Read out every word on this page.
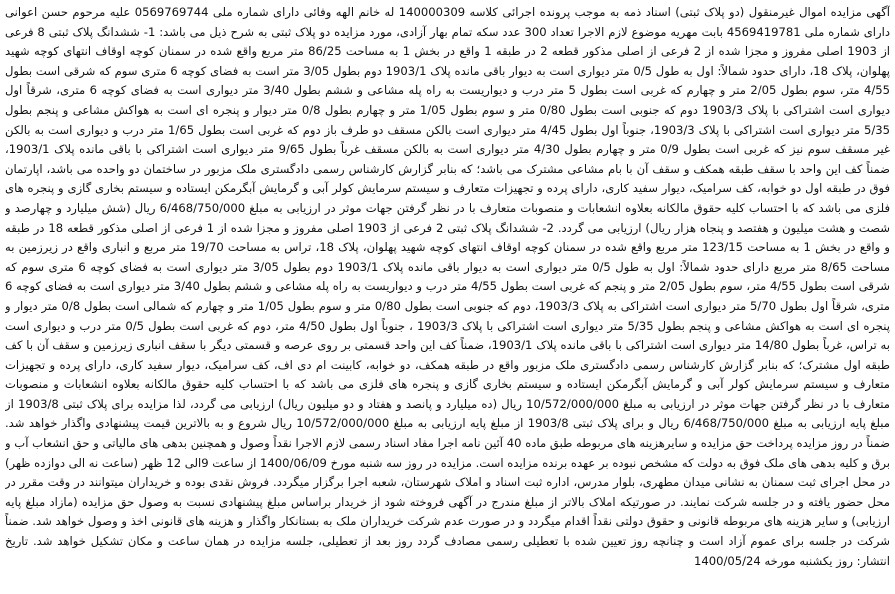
آگهی مزایده اموال غیرمنقول (دو پلاک ثبتی) اسناد ذمه به موجب پرونده اجرائی کلاسه 140000309 له خانم الهه وفائی دارای شماره ملی 0569769744 علیه مرحوم حسن اعوانی دارای شماره ملی 4569419781 بابت مهریه موضوع لازم الاجرا تعداد 300 عدد سکه تمام بهار آزادی، مورد مزایده دو پلاک ثبتی به شرح ذیل می باشد: 1- ششدانگ پلاک ثبتی 8 فرعی از 1903 اصلی مفروز و مجزا شده از 2 فرعی از اصلی مذکور قطعه 2 در طبقه 1 واقع در بخش 1 به مساحت 86/25 متر مربع واقع شده در سمنان کوچه اوقاف انتهای کوچه شهید پهلوان، پلاک 18، دارای حدود شمالاً: اول به طول 0/5 متر دیواری است به دیوار باقی مانده پلاک 1903/1 دوم بطول 3/05 متر است به فضای کوچه 6 متری سوم که شرقی است بطول 4/55 متر، سوم بطول 2/05 متر و چهارم که غربی است بطول 5 متر درب و دیواریست به راه پله مشاعی و ششم بطول 3/40 متر دیواری است به فضای کوچه 6 متری، شرقاً اول دیواری است اشتراکی با پلاک 1903/3 دوم که جنوبی است بطول 0/80 متر و سوم بطول 1/05 متر و چهارم بطول 0/8 متر دیوار و پنجره ای است به هواکش مشاعی و پنجم بطول 5/35 متر دیواری است اشتراکی با پلاک 1903/3، جنوباً اول بطول 4/45 متر دیواری است بالکن مسقف دو طرف باز دوم که غربی است بطول 1/65 متر درب و دیواری است به بالکن غیر مسقف سوم نیز که غربی است بطول 0/9 متر و چهارم بطول 4/30 متر دیواری است به بالکن مسقف غرباً بطول 9/65 متر دیواری است اشتراکی با باقی مانده پلاک 1903/1، ضمناً کف این واحد با سقف طبقه همکف و سقف آن با بام مشاعی مشترک می باشد؛ که بنابر گزارش کارشناس رسمی دادگستری ملک مزبور در ساختمان دو واحده می باشد، اپارتمان فوق در طبقه اول دو خوابه، کف سرامیک، دیوار سفید کاری، دارای پرده و تجهیزات متعارف و سیستم سرمایش کولر آبی و گرمایش آبگرمکن ایستاده و سیستم بخاری گازی و پنجره های فلزی می باشد که با احتساب کلیه حقوق مالکانه بعلاوه انشعابات و منصوبات متعارف با در نظر گرفتن جهات موثر در ارزیابی به مبلغ 6/468/750/000 ریال (شش میلیارد و چهارصد و شصت و هشت میلیون و هفتصد و پنجاه هزار ریال) ارزیابی می گردد. 2- ششدانگ پلاک ثبتی 2 فرعی از 1903 اصلی مفروز و مجزا شده از 1 فرعی از اصلی مذکور قطعه 18 در طبقه و واقع در بخش 1 به مساحت 123/15 متر مربع واقع شده در سمنان کوچه اوقاف انتهای کوچه شهید پهلوان، پلاک 18، تراس به مساحت 19/70 متر مربع و انباری واقع در زیرزمین به مساحت 8/65 متر مربع دارای حدود شمالاً: اول به طول 0/5 متر دیواری است به دیوار باقی مانده پلاک 1903/1 دوم بطول 3/05 متر دیواری است به فضای کوچه 6 متری سوم که شرقی است بطول 4/55 متر، سوم بطول 2/05 متر و پنجم که غربی است بطول 4/55 متر درب و دیواریست به راه پله مشاعی و ششم بطول 3/40 متر دیواری است به فضای کوچه 6 متری، شرقاً اول بطول 5/70 متر دیواری است اشتراکی به پلاک 1903/3، دوم که جنوبی است بطول 0/80 متر و سوم بطول 1/05 متر و چهارم که شمالی است بطول 0/8 متر دیوار و پنجره ای است به هواکش مشاعی و پنجم بطول 5/35 متر دیواری است اشتراکی با پلاک 1903/3 ، جنوباً اول بطول 4/50 متر، دوم که غربی است بطول 0/5 متر درب و دیواری است به تراس، غرباً بطول 14/80 متر دیواری است اشتراکی با باقی مانده پلاک 1903/1، ضمناً کف این واحد قسمتی بر روی عرصه و قسمتی دیگر با سقف انباری زیرزمین و سقف آن با کف طبقه اول مشترک؛ که بنابر گزارش کارشناس رسمی دادگستری ملک مزبور واقع در طبقه همکف، دو خوابه، کابینت ام دی اف، کف سرامیک، دیوار سفید کاری، دارای پرده و تجهیزات متعارف و سیستم سرمایش کولر آبی و گرمایش آبگرمکن ایستاده و سیستم بخاری گازی و پنجره های فلزی می باشد که با احتساب کلیه حقوق مالکانه بعلاوه انشعابات و منصوبات متعارف با در نظر گرفتن جهات موثر در ارزیابی به مبلغ 10/572/000/000 ریال (ده میلیارد و پانصد و هفتاد و دو میلیون ریال) ارزیابی می گردد، لذا مزایده برای پلاک ثبتی 1903/8 از مبلغ پایه ارزیابی به مبلغ 6/468/750/000 ریال و برای پلاک ثبتی 1903/8 از مبلغ پایه ارزیابی به مبلغ 10/572/000/000 ریال شروع و به بالاترین قیمت پیشنهادی واگذار خواهد شد. ضمناً در روز مزایده پرداخت حق مزایده و سایرهزینه های مربوطه طبق ماده 40 آئین نامه اجرا مفاد اسناد رسمی لازم الاجرا نقداً وصول و همچنین بدهی های مالیاتی و حق انشعاب آب و برق و کلیه بدهی های ملک فوق به دولت که مشخص نبوده بر عهده برنده مزایده است. مزایده در روز سه شنبه مورخ 1400/06/09 از ساعت 9الی 12 ظهر (ساعت نه الی دوازده ظهر) در محل اجرای ثبت سمنان به نشانی میدان مطهری، بلوار مدرس، اداره ثبت اسناد و املاک شهرستان، شعبه اجرا برگزار میگردد. فروش نقدی بوده و خریداران میتوانند در وقت مقرر در محل حضور یافته و در جلسه شرکت نمایند. در صورتیکه املاک بالاتر از مبلغ مندرج در آگهی فروخته شود از خریدار براساس مبلغ پیشنهادی نسبت به وصول حق مزایده (مازاد مبلغ پایه ارزیابی) و سایر هزینه های مربوطه قانونی و حقوق دولتی نقداً اقدام میگردد و در صورت عدم شرکت خریداران ملک به بستانکار واگذار و هزینه های قانونی اخذ و وصول خواهد شد. ضمناً شرکت در جلسه برای عموم آزاد است و چنانچه روز تعیین شده با تعطیلی رسمی مصادف گردد روز بعد از تعطیلی، جلسه مزایده در همان ساعت و مکان تشکیل خواهد شد. تاریخ انتشار: روز یکشنبه مورخه 1400/05/24
